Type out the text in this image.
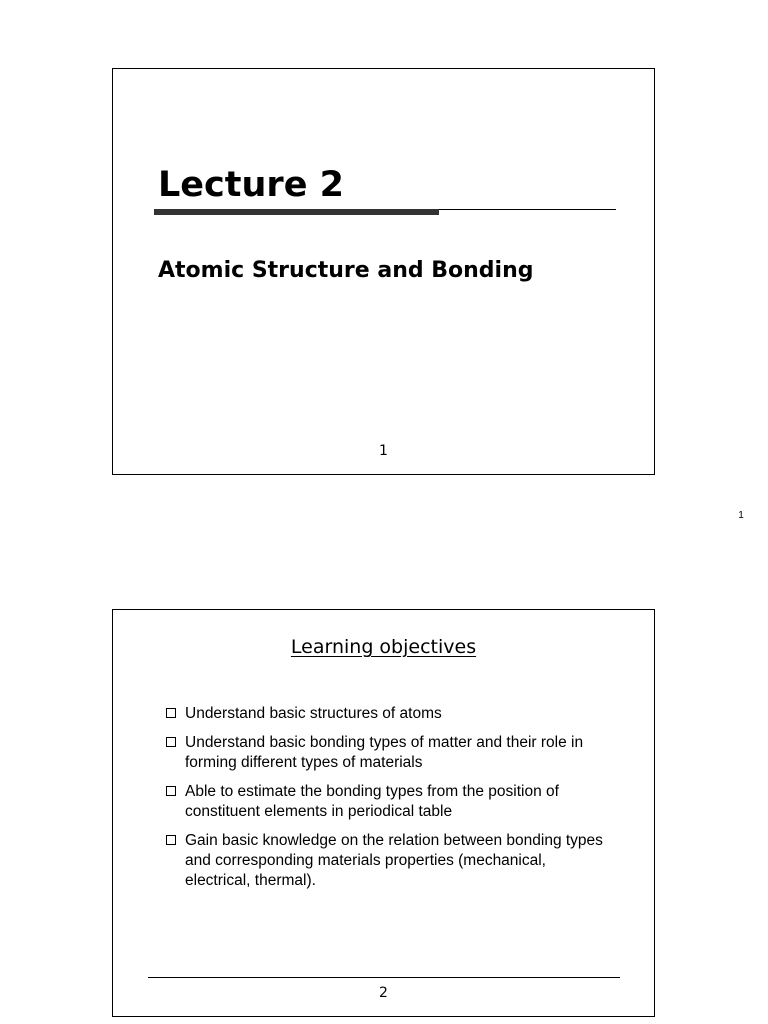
Lecture 2
Atomic Structure and Bonding
1
1
Learning objectives
Understand basic structures of atoms
Understand basic bonding types of matter and their role in forming different types of materials
Able to estimate the bonding types from the position of constituent elements in periodical table
Gain basic knowledge on the relation between bonding types and corresponding materials properties (mechanical, electrical, thermal).
2
